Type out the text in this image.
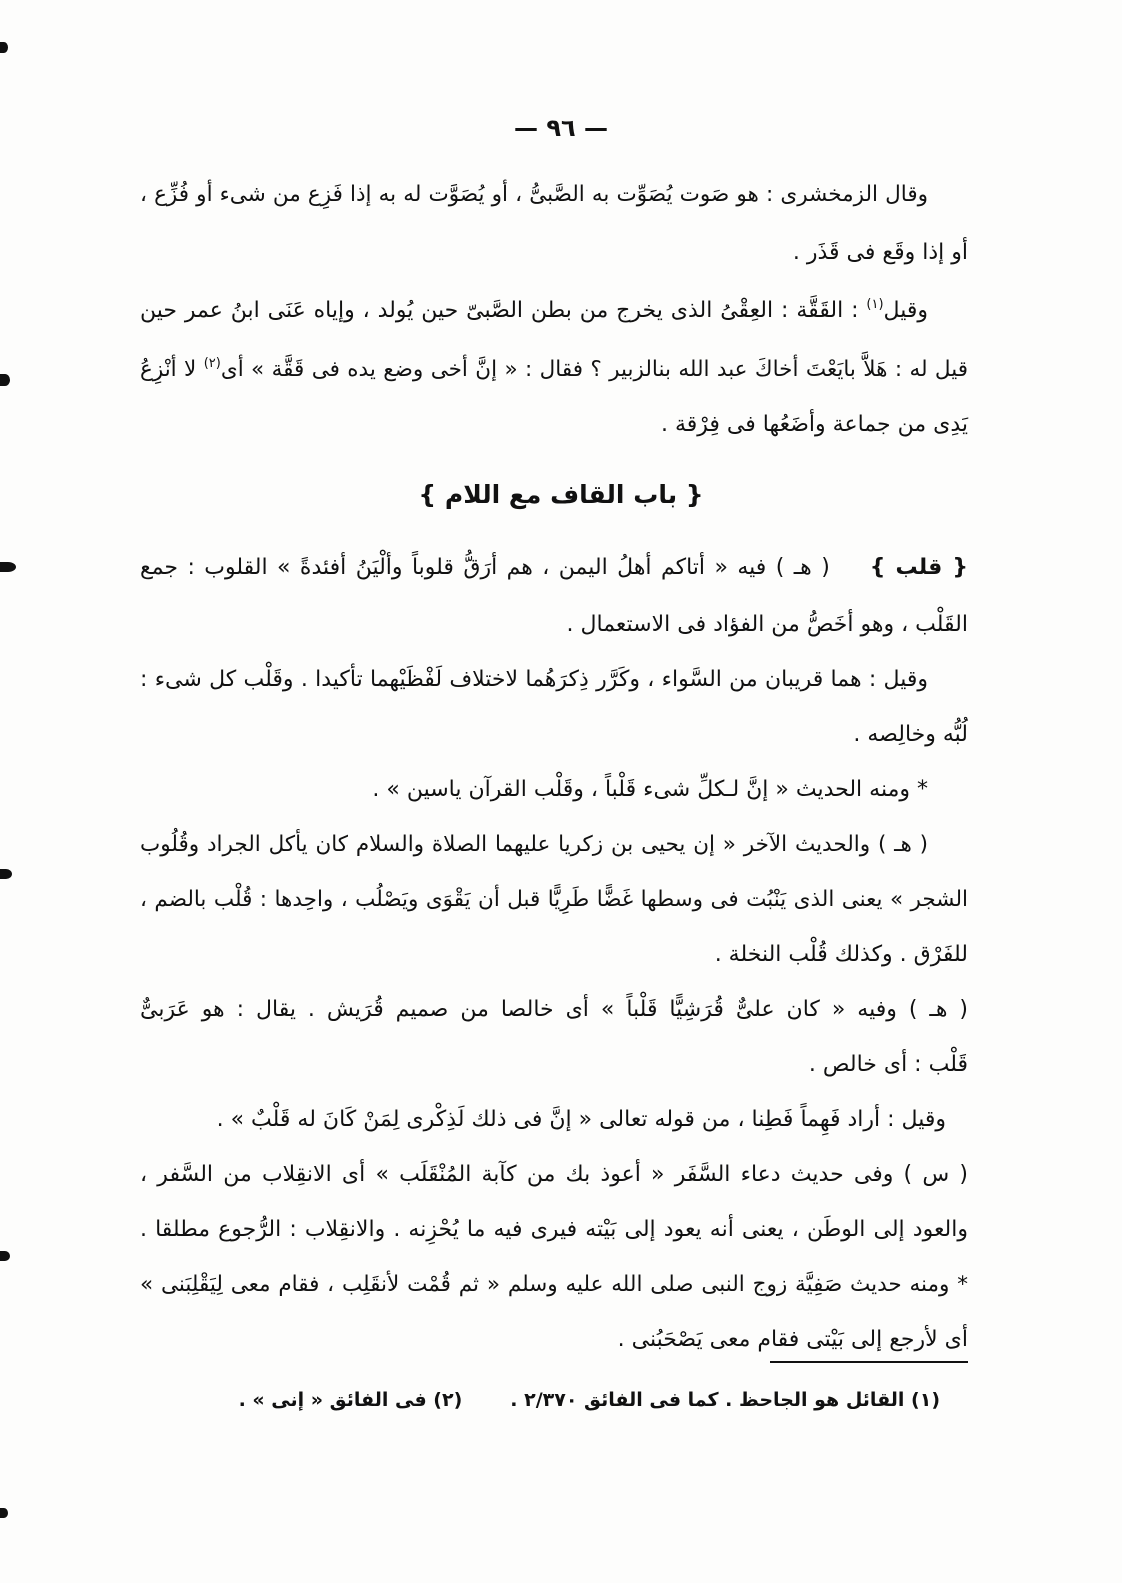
— ٩٦ —
وقال الزمخشرى : هو صَوت يُصَوِّت به الصَّبىُّ ، أو يُصَوَّت له به إذا فَزِع من شىء أو فُزِّع ،
أو إذا وقَع فى قَذَر .
وقيل$^{(١)}$ : القَقَّة : العِقْىُ الذى يخرج من بطن الصَّبىّ حين يُولد ، وإياه عَنَى ابنُ عمر حين
قيل له : هَلاَّ بايَعْتَ أخاكَ عبد الله بنالزبير ؟ فقال : « إنَّ أخى وضع يده فى قَقَّة » أى$^{(٢)}$ لا أنْزِعُ
يَدِى من جماعة وأضَعُها فى فِرْقة .
{ باب القاف مع اللام }
{ قلب }( هـ ) فيه « أتاكم أهلُ اليمن ، هم أرَقُّ قلوباً وألْيَنُ أفئدةً » القلوب : جمع
القَلْب ، وهو أخَصُّ من الفؤاد فى الاستعمال .
وقيل : هما قريبان من السَّواء ، وكَرَّر ذِكرَهُما لاختلاف لَفْظَيْهما تأكيدا . وقَلْب كل شىء :
لُبُّه وخالِصه .
* ومنه الحديث « إنَّ لـكلِّ شىء قَلْباً ، وقَلْب القرآن ياسين » .
( هـ ) والحديث الآخر « إن يحيى بن زكريا عليهما الصلاة والسلام كان يأكل الجراد وقُلُوب
الشجر » يعنى الذى يَنْبُت فى وسطها غَضًّا طَرِيًّا قبل أن يَقْوَى ويَصْلُب ، واحِدها : قُلْب بالضم ،
للفَرْق . وكذلك قُلْب النخلة .
( هـ ) وفيه « كان علىٌّ قُرَشِيًّا قَلْباً » أى خالصا من صميم قُرَيش . يقال : هو عَرَبىٌّ
قَلْب : أى خالص .
وقيل : أراد فَهِماً فَطِنا ، من قوله تعالى « إنَّ فى ذلك لَذِكْرى لِمَنْ كَانَ له قَلْبٌ » .
( س ) وفى حديث دعاء السَّفَر « أعوذ بك من كآبة المُنْقَلَب » أى الانقِلاب من السَّفر ،
والعود إلى الوطَن ، يعنى أنه يعود إلى بَيْته فيرى فيه ما يُحْزِنه . والانقِلاب : الرُّجوع مطلقا .
* ومنه حديث صَفِيَّة زوج النبى صلى الله عليه وسلم « ثم قُمْت لأنقَلِب ، فقام معى لِيَقْلِبَنى »
أى لأرجع إلى بَيْتى فقام معى يَصْحَبُنى .
(١) القائل هو الجاحظ . كما فى الفائق ٢/٣٧٠ .
(٢) فى الفائق « إنى » .
